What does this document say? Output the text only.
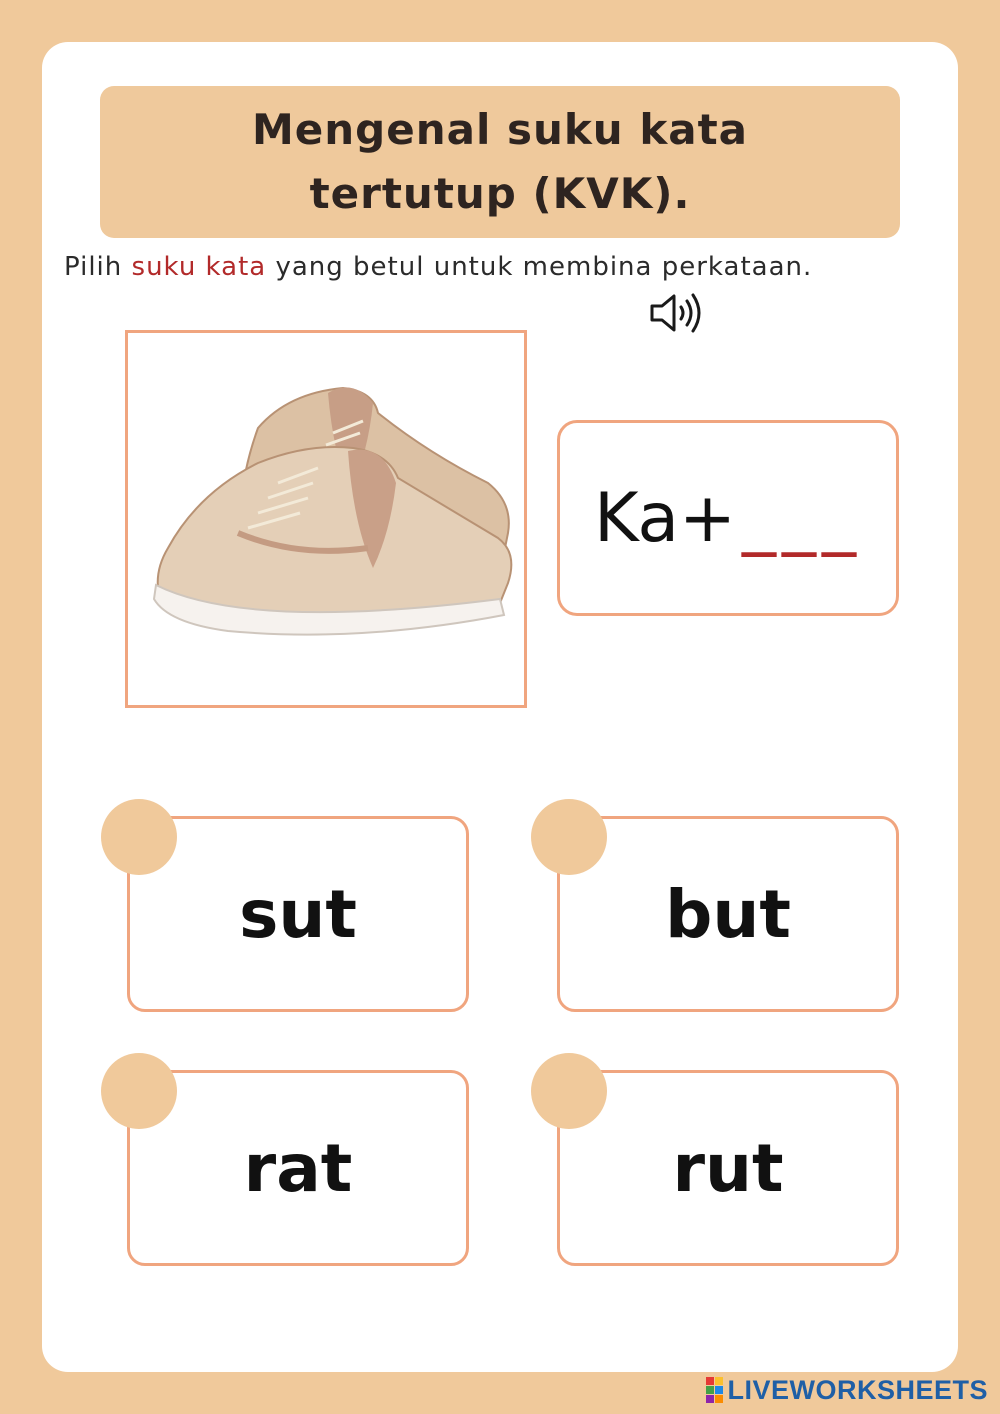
Mengenal suku kata
tertutup (KVK).
Pilih suku kata yang betul untuk membina perkataan.
Ka+ ___
sut	but
rat	rut
LIVEWORKSHEETS
